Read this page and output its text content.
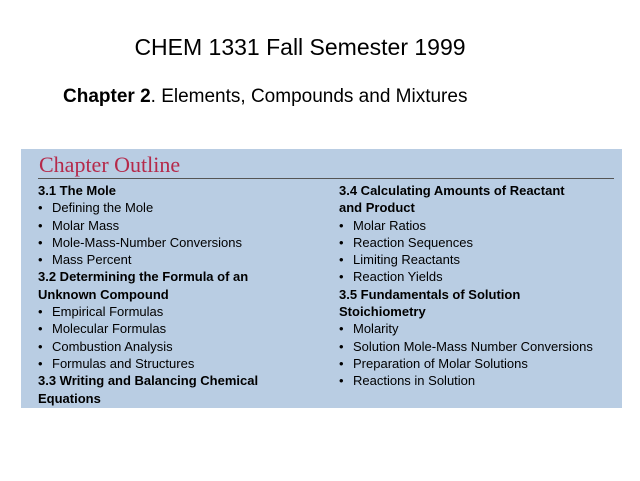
CHEM 1331 Fall Semester 1999
Chapter 2. Elements, Compounds and Mixtures
Chapter Outline
3.1 The Mole
• Defining the Mole
• Molar Mass
• Mole-Mass-Number Conversions
• Mass Percent
3.2 Determining the Formula of an
Unknown Compound
• Empirical Formulas
• Molecular Formulas
• Combustion Analysis
• Formulas and Structures
3.3 Writing and Balancing Chemical
Equations
3.4 Calculating Amounts of Reactant
and Product
• Molar Ratios
• Reaction Sequences
• Limiting Reactants
• Reaction Yields
3.5 Fundamentals of Solution
Stoichiometry
• Molarity
• Solution Mole-Mass Number Conversions
• Preparation of Molar Solutions
• Reactions in Solution
